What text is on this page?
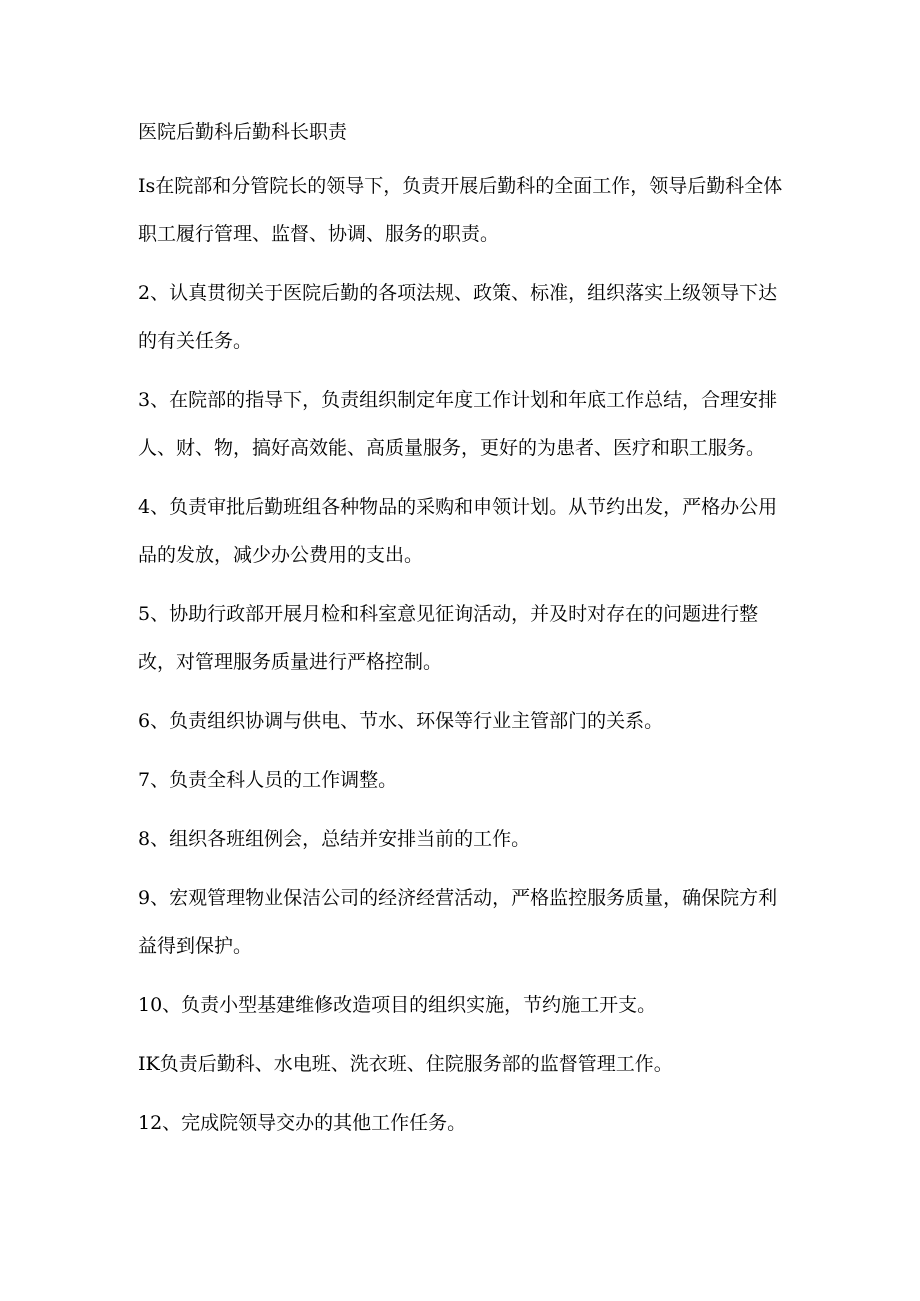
医院后勤科后勤科长职责
Is在院部和分管院长的领导下，负责开展后勤科的全面工作，领导后勤科全体职工履行管理、监督、协调、服务的职责。
2、认真贯彻关于医院后勤的各项法规、政策、标准，组织落实上级领导下达的有关任务。
3、在院部的指导下，负责组织制定年度工作计划和年底工作总结，合理安排人、财、物，搞好高效能、高质量服务，更好的为患者、医疗和职工服务。
4、负责审批后勤班组各种物品的采购和申领计划。从节约出发，严格办公用品的发放，减少办公费用的支出。
5、协助行政部开展月检和科室意见征询活动，并及时对存在的问题进行整改，对管理服务质量进行严格控制。
6、负责组织协调与供电、节水、环保等行业主管部门的关系。
7、负责全科人员的工作调整。
8、组织各班组例会，总结并安排当前的工作。
9、宏观管理物业保洁公司的经济经营活动，严格监控服务质量，确保院方利益得到保护。
10、负责小型基建维修改造项目的组织实施，节约施工开支。
IK负责后勤科、水电班、洗衣班、住院服务部的监督管理工作。
12、完成院领导交办的其他工作任务。
